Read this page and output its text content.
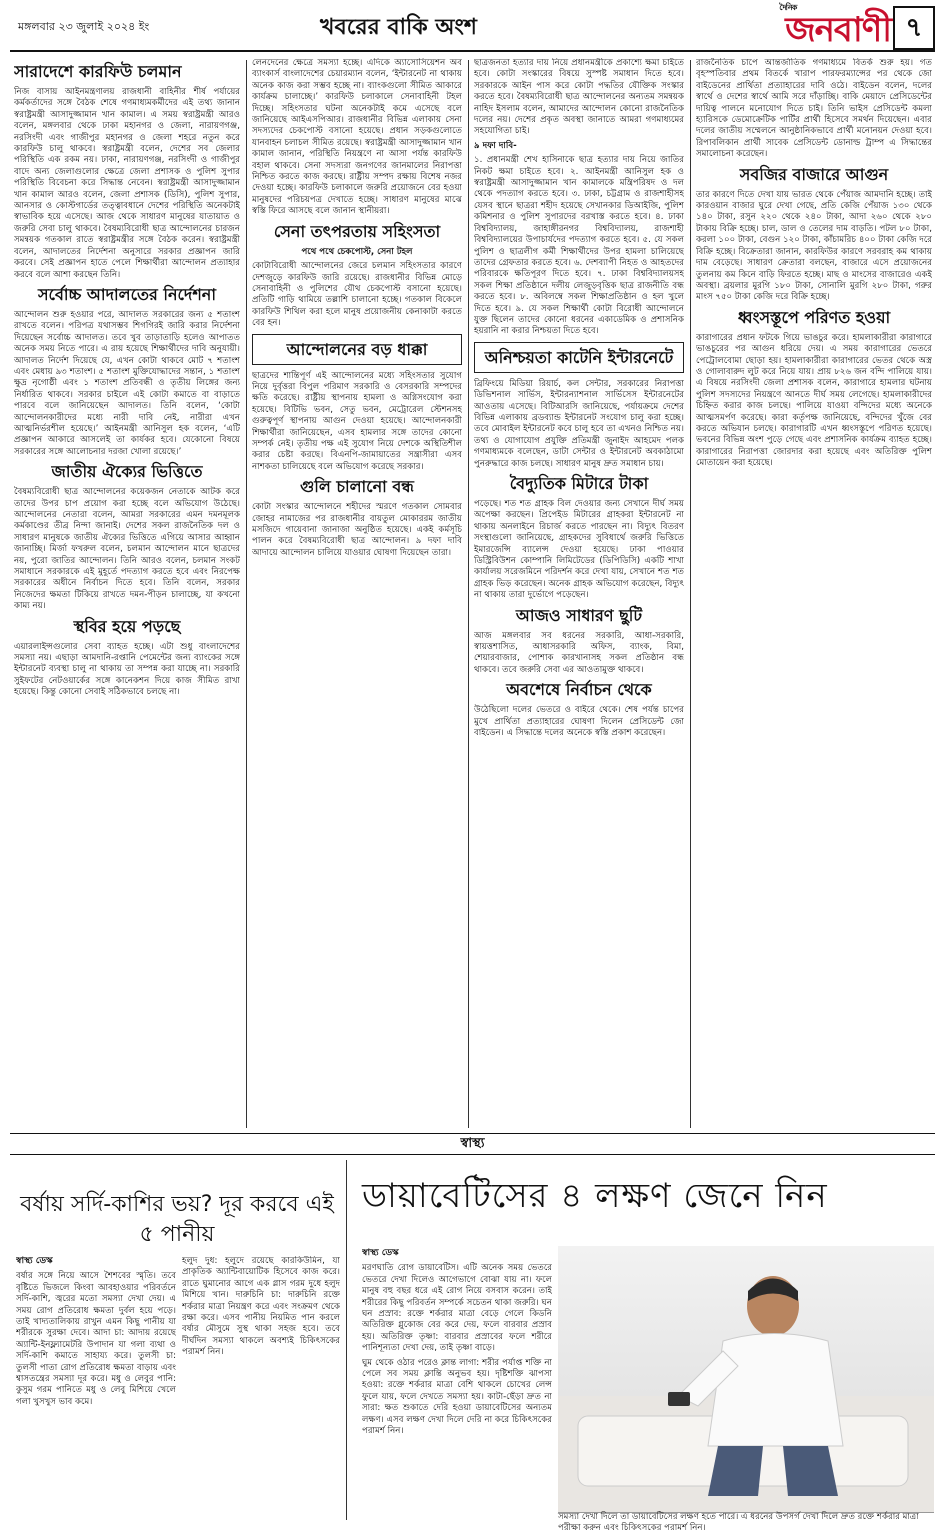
মঙ্গলবার ২৩ জুলাই ২০২৪ ইং	খবরের বাকি অংশ
দৈনিক
জনবাণী ৭
সারাদেশে কারফিউ চলমান

নিজ বাসায় আইনমন্ত্রণালয় রাজধানী বাহিনীর শীর্ষ পর্যায়ের কর্মকর্তাদের সঙ্গে বৈঠক শেষে গণমাধ্যমকর্মীদের এই তথ্য জানান স্বরাষ্ট্রমন্ত্রী আসাদুজ্জামান খান কামাল। এ সময় স্বরাষ্ট্রমন্ত্রী আরও বলেন, মঙ্গলবার থেকে ঢাকা মহানগর ও জেলা, নারায়ণগঞ্জ, নরসিংদী এবং গাজীপুর মহানগর ও জেলা শহরে নতুন করে কারফিউ চালু থাকবে। স্বরাষ্ট্রমন্ত্রী বলেন, দেশের সব জেলার পরিস্থিতি এক রকম নয়। ঢাকা, নারায়ণগঞ্জ, নরসিংদী ও গাজীপুর বাদে অন্য জেলাগুলোর ক্ষেত্রে জেলা প্রশাসক ও পুলিশ সুপার পরিস্থিতি বিবেচনা করে সিদ্ধান্ত নেবেন। স্বরাষ্ট্রমন্ত্রী আসাদুজ্জামান খান কামাল আরও বলেন, জেলা প্রশাসক (ডিসি), পুলিশ সুপার, আনসার ও কোস্টগার্ডের তত্ত্বাবধানে দেশের পরিস্থিতি অনেকটাই স্বাভাবিক হয়ে এসেছে। আজ থেকে সাধারণ মানুষের যাতায়াত ও জরুরি সেবা চালু থাকবে। বৈষম্যবিরোধী ছাত্র আন্দোলনের চারজন সমন্বয়ক গতকাল রাতে স্বরাষ্ট্রমন্ত্রীর সঙ্গে বৈঠক করেন। স্বরাষ্ট্রমন্ত্রী বলেন, আদালতের নির্দেশনা অনুসারে সরকার প্রজ্ঞাপন জারি করবে। সেই প্রজ্ঞাপন হাতে পেলে শিক্ষার্থীরা আন্দোলন প্রত্যাহার করবে বলে আশা করছেন তিনি।

সর্বোচ্চ আদালতের নির্দেশনা

আন্দোলন শুরু হওয়ার পরে, আদালত সরকারের জন্য ৫ শতাংশ রাখতে বলেন। পরিপত্র যথাসম্ভব শিগগিরই জারি করার নির্দেশনা দিয়েছেন সর্বোচ্চ আদালত। তবে খুব তাড়াতাড়ি হলেও আপাতত অনেক সময় নিতে পারে। এ রায় হয়েছে শিক্ষার্থীদের দাবি অনুযায়ী। আদালত নির্দেশ দিয়েছে যে, এখন কোটা থাকবে মোট ৭ শতাংশ এবং মেধায় ৯৩ শতাংশ। ৫ শতাংশ মুক্তিযোদ্ধাদের সন্তান, ১ শতাংশ ক্ষুদ্র নৃগোষ্ঠী এবং ১ শতাংশ প্রতিবন্ধী ও তৃতীয় লিঙ্গের জন্য নির্ধারিত থাকবে। সরকার চাইলে এই কোটা কমাতে বা বাড়াতে পারবে বলে জানিয়েছেন আদালত। তিনি বলেন, ‘কোটা আন্দোলনকারীদের মধ্যে নারী দাবি নেই, নারীরা এখন আত্মনির্ভরশীল হয়েছে।’ আইনমন্ত্রী আনিসুল হক বলেন, ‘এটি প্রজ্ঞাপন আকারে আসলেই তা কার্যকর হবে। যেকোনো বিষয়ে সরকারের সঙ্গে আলোচনার দরজা খোলা রয়েছে।’

জাতীয় ঐক্যের ভিত্তিতে

বৈষম্যবিরোধী ছাত্র আন্দোলনের কয়েকজন নেতাকে আটক করে তাদের উপর চাপ প্রয়োগ করা হচ্ছে বলে অভিযোগ উঠেছে। আন্দোলনের নেতারা বলেন, আমরা সরকারের এমন দমনমূলক কর্মকাণ্ডের তীব্র নিন্দা জানাই। দেশের সকল রাজনৈতিক দল ও সাধারণ মানুষকে জাতীয় ঐক্যের ভিত্তিতে এগিয়ে আসার আহ্বান জানাচ্ছি। মির্জা ফখরুল বলেন, চলমান আন্দোলন মানে ছাত্রদের নয়, পুরো জাতির আন্দোলন। তিনি আরও বলেন, চলমান সংকট সমাধানে সরকারকে এই মুহূর্তে পদত্যাগ করতে হবে এবং নিরপেক্ষ সরকারের অধীনে নির্বাচন দিতে হবে। তিনি বলেন, সরকার নিজেদের ক্ষমতা টিকিয়ে রাখতে দমন-পীড়ন চালাচ্ছে, যা কখনো কাম্য নয়।

স্থবির হয়ে পড়ছে

এয়ারলাইন্সগুলোর সেবা ব্যাহত হচ্ছে। এটা শুধু বাংলাদেশের সমস্যা নয়। এছাড়া আমদানি-রপ্তানি পেমেন্টের জন্য ব্যাংকের সঙ্গে ইন্টারনেট ব্যবস্থা চালু না থাকায় তা সম্পন্ন করা যাচ্ছে না। সরকারি সুইফটের নেটওয়ার্কের সঙ্গে কানেকশন দিয়ে কাজ সীমিত রাখা হয়েছে। কিন্তু কোনো সেবাই সঠিকভাবে চলছে না।

লেনদেনের ক্ষেত্রে সমস্যা হচ্ছে। এদিকে অ্যাসোসিয়েশন অব ব্যাংকার্স বাংলাদেশের চেয়ারম্যান বলেন, ‘ইন্টারনেট না থাকায় অনেক কাজ করা সম্ভব হচ্ছে না। ব্যাংকগুলো সীমিত আকারে কার্যক্রম চালাচ্ছে।’ কারফিউ চলাকালে সেনাবাহিনী টহল দিচ্ছে। সহিংসতার ঘটনা অনেকটাই কমে এসেছে বলে জানিয়েছে আইএসপিআর। রাজধানীর বিভিন্ন এলাকায় সেনা সদস্যদের চেকপোস্ট বসানো হয়েছে। প্রধান সড়কগুলোতে যানবাহন চলাচল সীমিত রয়েছে। স্বরাষ্ট্রমন্ত্রী আসাদুজ্জামান খান কামাল জানান, পরিস্থিতি নিয়ন্ত্রণে না আসা পর্যন্ত কারফিউ বহাল থাকবে। সেনা সদস্যরা জনগণের জানমালের নিরাপত্তা নিশ্চিত করতে কাজ করছে। রাষ্ট্রীয় সম্পদ রক্ষায় বিশেষ নজর দেওয়া হচ্ছে। কারফিউ চলাকালে জরুরি প্রয়োজনে বের হওয়া মানুষদের পরিচয়পত্র দেখাতে হচ্ছে। সাধারণ মানুষের মাঝে স্বস্তি ফিরে আসছে বলে জানান স্থানীয়রা।

সেনা তৎপরতায় সহিংসতা

পথে পথে চেকপোস্ট, সেনা টহল

কোটাবিরোধী আন্দোলনের জেরে চলমান সহিংসতার কারণে দেশজুড়ে কারফিউ জারি রয়েছে। রাজধানীর বিভিন্ন মোড়ে সেনাবাহিনী ও পুলিশের যৌথ চেকপোস্ট বসানো হয়েছে। প্রতিটি গাড়ি থামিয়ে তল্লাশি চালানো হচ্ছে। গতকাল বিকেলে কারফিউ শিথিল করা হলে মানুষ প্রয়োজনীয় কেনাকাটা করতে বের হন।

আন্দোলনের বড় ধাক্কা

ছাত্রদের শান্তিপূর্ণ এই আন্দোলনের মধ্যে সহিংসতার সুযোগ নিয়ে দুর্বৃত্তরা বিপুল পরিমাণ সরকারি ও বেসরকারি সম্পদের ক্ষতি করেছে। রাষ্ট্রীয় স্থাপনায় হামলা ও অগ্নিসংযোগ করা হয়েছে। বিটিভি ভবন, সেতু ভবন, মেট্রোরেল স্টেশনসহ গুরুত্বপূর্ণ স্থাপনায় আগুন দেওয়া হয়েছে। আন্দোলনকারী শিক্ষার্থীরা জানিয়েছেন, এসব হামলার সঙ্গে তাদের কোনো সম্পর্ক নেই। তৃতীয় পক্ষ এই সুযোগ নিয়ে দেশকে অস্থিতিশীল করার চেষ্টা করছে। বিএনপি-জামায়াতের সন্ত্রাসীরা এসব নাশকতা চালিয়েছে বলে অভিযোগ করেছে সরকার।

গুলি চালানো বন্ধ

কোটা সংস্কার আন্দোলনে শহীদের স্মরণে গতকাল সোমবার জোহর নামাজের পর রাজধানীর বায়তুল মোকাররম জাতীয় মসজিদে গায়েবানা জানাজা অনুষ্ঠিত হয়েছে। একই কর্মসূচি পালন করে বৈষম্যবিরোধী ছাত্র আন্দোলন। ৯ দফা দাবি আদায়ে আন্দোলন চালিয়ে যাওয়ার ঘোষণা দিয়েছেন তারা।

ছাত্রজনতা হত্যার দায় নিয়ে প্রধানমন্ত্রীকে প্রকাশ্যে ক্ষমা চাইতে হবে। কোটা সংস্কারের বিষয়ে সুস্পষ্ট সমাধান দিতে হবে। সরকারকে আইন পাস করে কোটা পদ্ধতির যৌক্তিক সংস্কার করতে হবে। বৈষম্যবিরোধী ছাত্র আন্দোলনের অন্যতম সমন্বয়ক নাহিদ ইসলাম বলেন, আমাদের আন্দোলন কোনো রাজনৈতিক দলের নয়। দেশের প্রকৃত অবস্থা জানাতে আমরা গণমাধ্যমের সহযোগিতা চাই।

৯ দফা দাবি-

১. প্রধানমন্ত্রী শেখ হাসিনাকে ছাত্র হত্যার দায় নিয়ে জাতির নিকট ক্ষমা চাইতে হবে। ২. আইনমন্ত্রী আনিসুল হক ও স্বরাষ্ট্রমন্ত্রী আসাদুজ্জামান খান কামালকে মন্ত্রিপরিষদ ও দল থেকে পদত্যাগ করতে হবে। ৩. ঢাকা, চট্টগ্রাম ও রাজশাহীসহ যেসব স্থানে ছাত্ররা শহীদ হয়েছে সেখানকার ডিআইজি, পুলিশ কমিশনার ও পুলিশ সুপারদের বরখাস্ত করতে হবে। ৪. ঢাকা বিশ্ববিদ্যালয়, জাহাঙ্গীরনগর বিশ্ববিদ্যালয়, রাজশাহী বিশ্ববিদ্যালয়ের উপাচার্যদের পদত্যাগ করতে হবে। ৫. যে সকল পুলিশ ও ছাত্রলীগ কর্মী শিক্ষার্থীদের উপর হামলা চালিয়েছে তাদের গ্রেফতার করতে হবে। ৬. দেশব্যাপী নিহত ও আহতদের পরিবারকে ক্ষতিপূরণ দিতে হবে। ৭. ঢাকা বিশ্ববিদ্যালয়সহ সকল শিক্ষা প্রতিষ্ঠানে দলীয় লেজুড়বৃত্তিক ছাত্র রাজনীতি বন্ধ করতে হবে। ৮. অবিলম্বে সকল শিক্ষাপ্রতিষ্ঠান ও হল খুলে দিতে হবে। ৯. যে সকল শিক্ষার্থী কোটা বিরোধী আন্দোলনে যুক্ত ছিলেন তাদের কোনো ধরনের একাডেমিক ও প্রশাসনিক হয়রানি না করার নিশ্চয়তা দিতে হবে।

অনিশ্চয়তা কাটেনি ইন্টারনেটে

ব্রিফিংয়ে মিডিয়া রিয়ার্চ, কল সেন্টার, সরকারের নিরাপত্তা ডিভিশনাল সার্ভিস, ইন্টারন্যাশনাল সার্ভিসেস ইন্টারনেটের আওতায় এসেছে। বিটিআরসি জানিয়েছে, পর্যায়ক্রমে দেশের বিভিন্ন এলাকায় ব্রডব্যান্ড ইন্টারনেট সংযোগ চালু করা হচ্ছে। তবে মোবাইল ইন্টারনেট কবে চালু হবে তা এখনও নিশ্চিত নয়। তথ্য ও যোগাযোগ প্রযুক্তি প্রতিমন্ত্রী জুনাইদ আহমেদ পলক গণমাধ্যমকে বলেছেন, ডাটা সেন্টার ও ইন্টারনেট অবকাঠামো পুনরুদ্ধারে কাজ চলছে। সাধারণ মানুষ দ্রুত সমাধান চায়।

বৈদ্যুতিক মিটারে টাকা

পড়েছে। শত শত গ্রাহক বিল দেওয়ার জন্য সেখানে দীর্ঘ সময় অপেক্ষা করছেন। প্রিপেইড মিটারের গ্রাহকরা ইন্টারনেট না থাকায় অনলাইনে রিচার্জ করতে পারছেন না। বিদ্যুৎ বিতরণ সংস্থাগুলো জানিয়েছে, গ্রাহকদের সুবিধার্থে জরুরি ভিত্তিতে ইমারজেন্সি ব্যালেন্স দেওয়া হয়েছে। ঢাকা পাওয়ার ডিস্ট্রিবিউশন কোম্পানি লিমিটেডের (ডিপিডিসি) একটি শাখা কার্যালয় সরেজমিনে পরিদর্শন করে দেখা যায়, সেখানে শত শত গ্রাহক ভিড় করেছেন। অনেক গ্রাহক অভিযোগ করেছেন, বিদ্যুৎ না থাকায় তারা দুর্ভোগে পড়েছেন।

আজও সাধারণ ছুটি

আজ মঙ্গলবার সব ধরনের সরকারি, আধা-সরকারি, স্বায়ত্তশাসিত, আধাসরকারি অফিস, ব্যাংক, বিমা, শেয়ারবাজার, পোশাক কারখানাসহ সকল প্রতিষ্ঠান বন্ধ থাকবে। তবে জরুরি সেবা এর আওতামুক্ত থাকবে।

অবশেষে নির্বাচন থেকে

উঠেছিলো দলের ভেতরে ও বাইরে থেকে। শেষ পর্যন্ত চাপের মুখে প্রার্থিতা প্রত্যাহারের ঘোষণা দিলেন প্রেসিডেন্ট জো বাইডেন। এ সিদ্ধান্তে দলের অনেকে স্বস্তি প্রকাশ করেছেন।

রাজনৈতিক চাপে আন্তর্জাতিক গণমাধ্যমে বিতর্ক শুরু হয়। গত বৃহস্পতিবার প্রথম বিতর্কে খারাপ পারফরম্যান্সের পর থেকে জো বাইডেনের প্রার্থিতা প্রত্যাহারের দাবি ওঠে। বাইডেন বলেন, দলের স্বার্থে ও দেশের স্বার্থে আমি সরে দাঁড়াচ্ছি। বাকি মেয়াদে প্রেসিডেন্টের দায়িত্ব পালনে মনোযোগ দিতে চাই। তিনি ভাইস প্রেসিডেন্ট কমলা হ্যারিসকে ডেমোক্রেটিক পার্টির প্রার্থী হিসেবে সমর্থন দিয়েছেন। এবার দলের জাতীয় সম্মেলনে আনুষ্ঠানিকভাবে প্রার্থী মনোনয়ন দেওয়া হবে। রিপাবলিকান প্রার্থী সাবেক প্রেসিডেন্ট ডোনাল্ড ট্রাম্প এ সিদ্ধান্তের সমালোচনা করেছেন।

সবজির বাজারে আগুন

তার কারণে দিতে দেখা যায় ভারত থেকে পেঁয়াজ আমদানি হচ্ছে। তাই কারওয়ান বাজার ঘুরে দেখা গেছে, প্রতি কেজি পেঁয়াজ ১৩০ থেকে ১৪০ টাকা, রসুন ২২০ থেকে ২৪০ টাকা, আদা ২৬০ থেকে ২৮০ টাকায় বিক্রি হচ্ছে। চাল, ডাল ও তেলের দাম বাড়তি। পটল ৮০ টাকা, করলা ১০০ টাকা, বেগুন ১২০ টাকা, কাঁচামরিচ ৪০০ টাকা কেজি দরে বিক্রি হচ্ছে। বিক্রেতারা জানান, কারফিউর কারণে সরবরাহ কম থাকায় দাম বেড়েছে। সাধারণ ক্রেতারা বলছেন, বাজারে এসে প্রয়োজনের তুলনায় কম কিনে বাড়ি ফিরতে হচ্ছে। মাছ ও মাংসের বাজারেও একই অবস্থা। ব্রয়লার মুরগি ১৮০ টাকা, সোনালি মুরগি ২৮০ টাকা, গরুর মাংস ৭৫০ টাকা কেজি দরে বিক্রি হচ্ছে।

ধ্বংসস্তূপে পরিণত হওয়া

কারাগারের প্রধান ফটকে গিয়ে ভাঙচুর করে। হামলাকারীরা কারাগারে ভাঙচুরের পর আগুন ধরিয়ে দেয়। এ সময় কারাগারের ভেতরে পেট্রোলবোমা ছোড়া হয়। হামলাকারীরা কারাগারের ভেতর থেকে অস্ত্র ও গোলাবারুদ লুট করে নিয়ে যায়। প্রায় ৮২৬ জন বন্দি পালিয়ে যায়। এ বিষয়ে নরসিংদী জেলা প্রশাসক বলেন, কারাগারে হামলার ঘটনায় পুলিশ সদস্যদের নিয়ন্ত্রণে আনতে দীর্ঘ সময় লেগেছে। হামলাকারীদের চিহ্নিত করার কাজ চলছে। পালিয়ে যাওয়া বন্দিদের মধ্যে অনেকে আত্মসমর্পণ করেছে। কারা কর্তৃপক্ষ জানিয়েছে, বন্দিদের খুঁজে বের করতে অভিযান চলছে। কারাগারটি এখন ধ্বংসস্তূপে পরিণত হয়েছে। ভবনের বিভিন্ন অংশ পুড়ে গেছে এবং প্রশাসনিক কার্যক্রম ব্যাহত হচ্ছে। কারাগারের নিরাপত্তা জোরদার করা হয়েছে এবং অতিরিক্ত পুলিশ মোতায়েন করা হয়েছে।

স্বাস্থ্য
বর্ষায় সর্দি-কাশির ভয়? দূর করবে এই ৫ পানীয়
স্বাস্থ্য ডেস্ক

বর্ষার সঙ্গে নিয়ে আসে শৈশবের স্মৃতি। তবে বৃষ্টিতে ভিজলে কিংবা আবহাওয়ার পরিবর্তনে সর্দি-কাশি, জ্বরের মতো সমস্যা দেখা দেয়। এ সময় রোগ প্রতিরোধ ক্ষমতা দুর্বল হয়ে পড়ে। তাই খাদ্যতালিকায় রাখুন এমন কিছু পানীয় যা শরীরকে সুরক্ষা দেবে। আদা চা: আদায় রয়েছে অ্যান্টি-ইনফ্ল্যামেটরি উপাদান যা গলা ব্যথা ও সর্দি-কাশি কমাতে সাহায্য করে। তুলসী চা: তুলসী পাতা রোগ প্রতিরোধ ক্ষমতা বাড়ায় এবং শ্বাসতন্ত্রের সমস্যা দূর করে। মধু ও লেবুর পানি: কুসুম গরম পানিতে মধু ও লেবু মিশিয়ে খেলে গলা খুসখুস ভাব কমে।

হলুদ দুধ: হলুদে রয়েছে কারকিউমিন, যা প্রাকৃতিক অ্যান্টিবায়োটিক হিসেবে কাজ করে। রাতে ঘুমানোর আগে এক গ্লাস গরম দুধে হলুদ মিশিয়ে খান। দারুচিনি চা: দারুচিনি রক্তে শর্করার মাত্রা নিয়ন্ত্রণ করে এবং সংক্রমণ থেকে রক্ষা করে। এসব পানীয় নিয়মিত পান করলে বর্ষার মৌসুমে সুস্থ থাকা সহজ হবে। তবে দীর্ঘদিন সমস্যা থাকলে অবশ্যই চিকিৎসকের পরামর্শ নিন।

ডায়াবেটিসের ৪ লক্ষণ জেনে নিন
স্বাস্থ্য ডেস্ক

মরণঘাতি রোগ ডায়াবেটিস। এটি অনেক সময় ভেতরে ভেতরে দেখা দিলেও আগেভাগে বোঝা যায় না। ফলে মানুষ বহু বছর ধরে এই রোগ নিয়ে বসবাস করেন। তাই শরীরের কিছু পরিবর্তন সম্পর্কে সচেতন থাকা জরুরি। ঘন ঘন প্রস্রাব: রক্তে শর্করার মাত্রা বেড়ে গেলে কিডনি অতিরিক্ত গ্লুকোজ বের করে দেয়, ফলে বারবার প্রস্রাব হয়। অতিরিক্ত তৃষ্ণা: বারবার প্রস্রাবের ফলে শরীরে পানিশূন্যতা দেখা দেয়, তাই তৃষ্ণা বাড়ে।

ঘুম থেকে ওঠার পরেও ক্লান্ত লাগা: শরীর পর্যাপ্ত শক্তি না পেলে সব সময় ক্লান্তি অনুভব হয়। দৃষ্টিশক্তি ঝাপসা হওয়া: রক্তে শর্করার মাত্রা বেশি থাকলে চোখের লেন্স ফুলে যায়, ফলে দেখতে সমস্যা হয়। কাটা-ছেঁড়া দ্রুত না সারা: ক্ষত শুকাতে দেরি হওয়া ডায়াবেটিসের অন্যতম লক্ষণ। এসব লক্ষণ দেখা দিলে দেরি না করে চিকিৎসকের পরামর্শ নিন।

সমস্যা দেখা দিলে তা ডায়াবেটিসের লক্ষণ হতে পারে। এ ধরনের উপসর্গ দেখা দিলে দ্রুত রক্তে শর্করার মাত্রা পরীক্ষা করুন এবং চিকিৎসকের পরামর্শ নিন।
